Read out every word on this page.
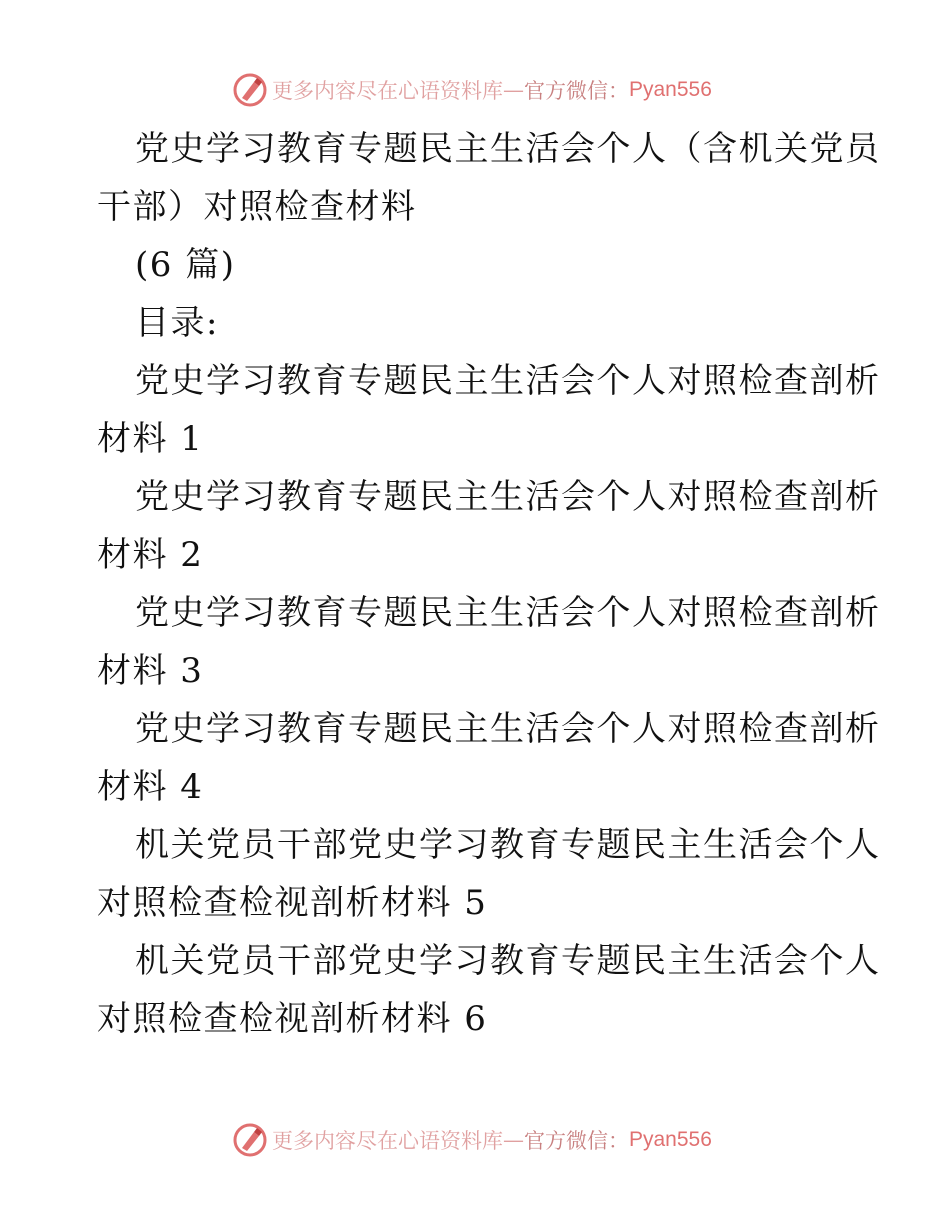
更多内容尽在心语资料库 — 官方微信： Pyan556
党史学习教育专题民主生活会个人（含机关党员
干部）对照检查材料
(6 篇)
目录:
党史学习教育专题民主生活会个人对照检查剖析
材料 1
党史学习教育专题民主生活会个人对照检查剖析
材料 2
党史学习教育专题民主生活会个人对照检查剖析
材料 3
党史学习教育专题民主生活会个人对照检查剖析
材料 4
机关党员干部党史学习教育专题民主生活会个人
对照检查检视剖析材料 5
机关党员干部党史学习教育专题民主生活会个人
对照检查检视剖析材料 6
更多内容尽在心语资料库 — 官方微信： Pyan556
